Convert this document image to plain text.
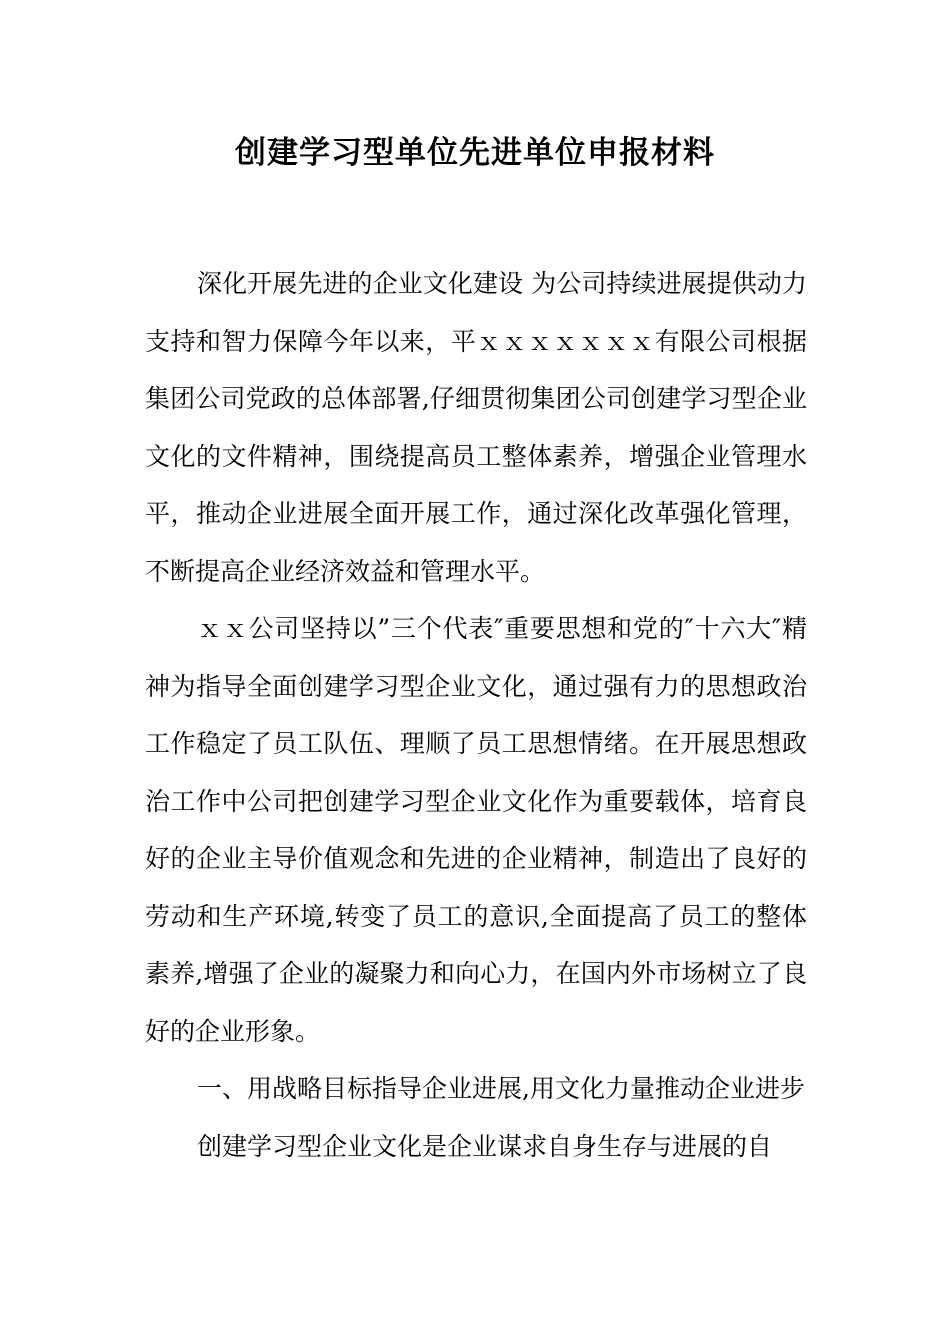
创建学习型单位先进单位申报材料

深化开展先进的企业文化建设 为公司持续进展提供动力支持和智力保障今年以来，平ｘｘｘｘｘｘｘ有限公司根据集团公司党政的总体部署,仔细贯彻集团公司创建学习型企业文化的文件精神，围绕提高员工整体素养，增强企业管理水平，推动企业进展全面开展工作，通过深化改革强化管理，不断提高企业经济效益和管理水平。

ｘｘ公司坚持以”三个代表″重要思想和党的″十六大″精神为指导全面创建学习型企业文化，通过强有力的思想政治工作稳定了员工队伍、理顺了员工思想情绪。在开展思想政治工作中公司把创建学习型企业文化作为重要载体，培育良好的企业主导价值观念和先进的企业精神，制造出了良好的劳动和生产环境,转变了员工的意识,全面提高了员工的整体素养,增强了企业的凝聚力和向心力，在国内外市场树立了良好的企业形象。

一、用战略目标指导企业进展,用文化力量推动企业进步

创建学习型企业文化是企业谋求自身生存与进展的自
